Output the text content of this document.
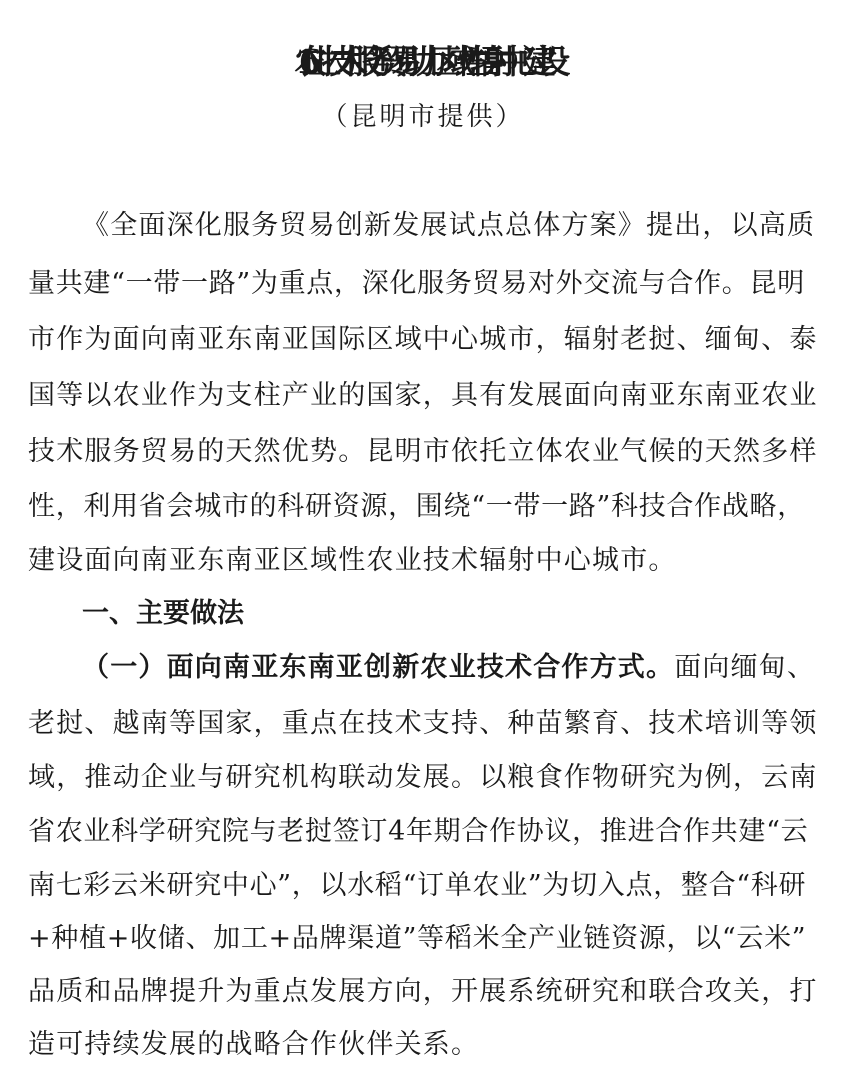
16.农业技术服务贸易助力区域性辐射中心建设
（昆明市提供）
《全面深化服务贸易创新发展试点总体方案》提出，以高质
量共建“一带一路”为重点，深化服务贸易对外交流与合作。昆明
市作为面向南亚东南亚国际区域中心城市，辐射老挝、缅甸、泰
国等以农业作为支柱产业的国家，具有发展面向南亚东南亚农业
技术服务贸易的天然优势。昆明市依托立体农业气候的天然多样
性，利用省会城市的科研资源，围绕“一带一路”科技合作战略，
建设面向南亚东南亚区域性农业技术辐射中心城市。
一、主要做法
（一）面向南亚东南亚创新农业技术合作方式。面向缅甸、
老挝、越南等国家，重点在技术支持、种苗繁育、技术培训等领
域，推动企业与研究机构联动发展。以粮食作物研究为例，云南
省农业科学研究院与老挝签订4年期合作协议，推进合作共建“云
南七彩云米研究中心”，以水稻“订单农业”为切入点，整合“科研
+种植+收储、加工+品牌渠道”等稻米全产业链资源，以“云米”
品质和品牌提升为重点发展方向，开展系统研究和联合攻关，打
造可持续发展的战略合作伙伴关系。
